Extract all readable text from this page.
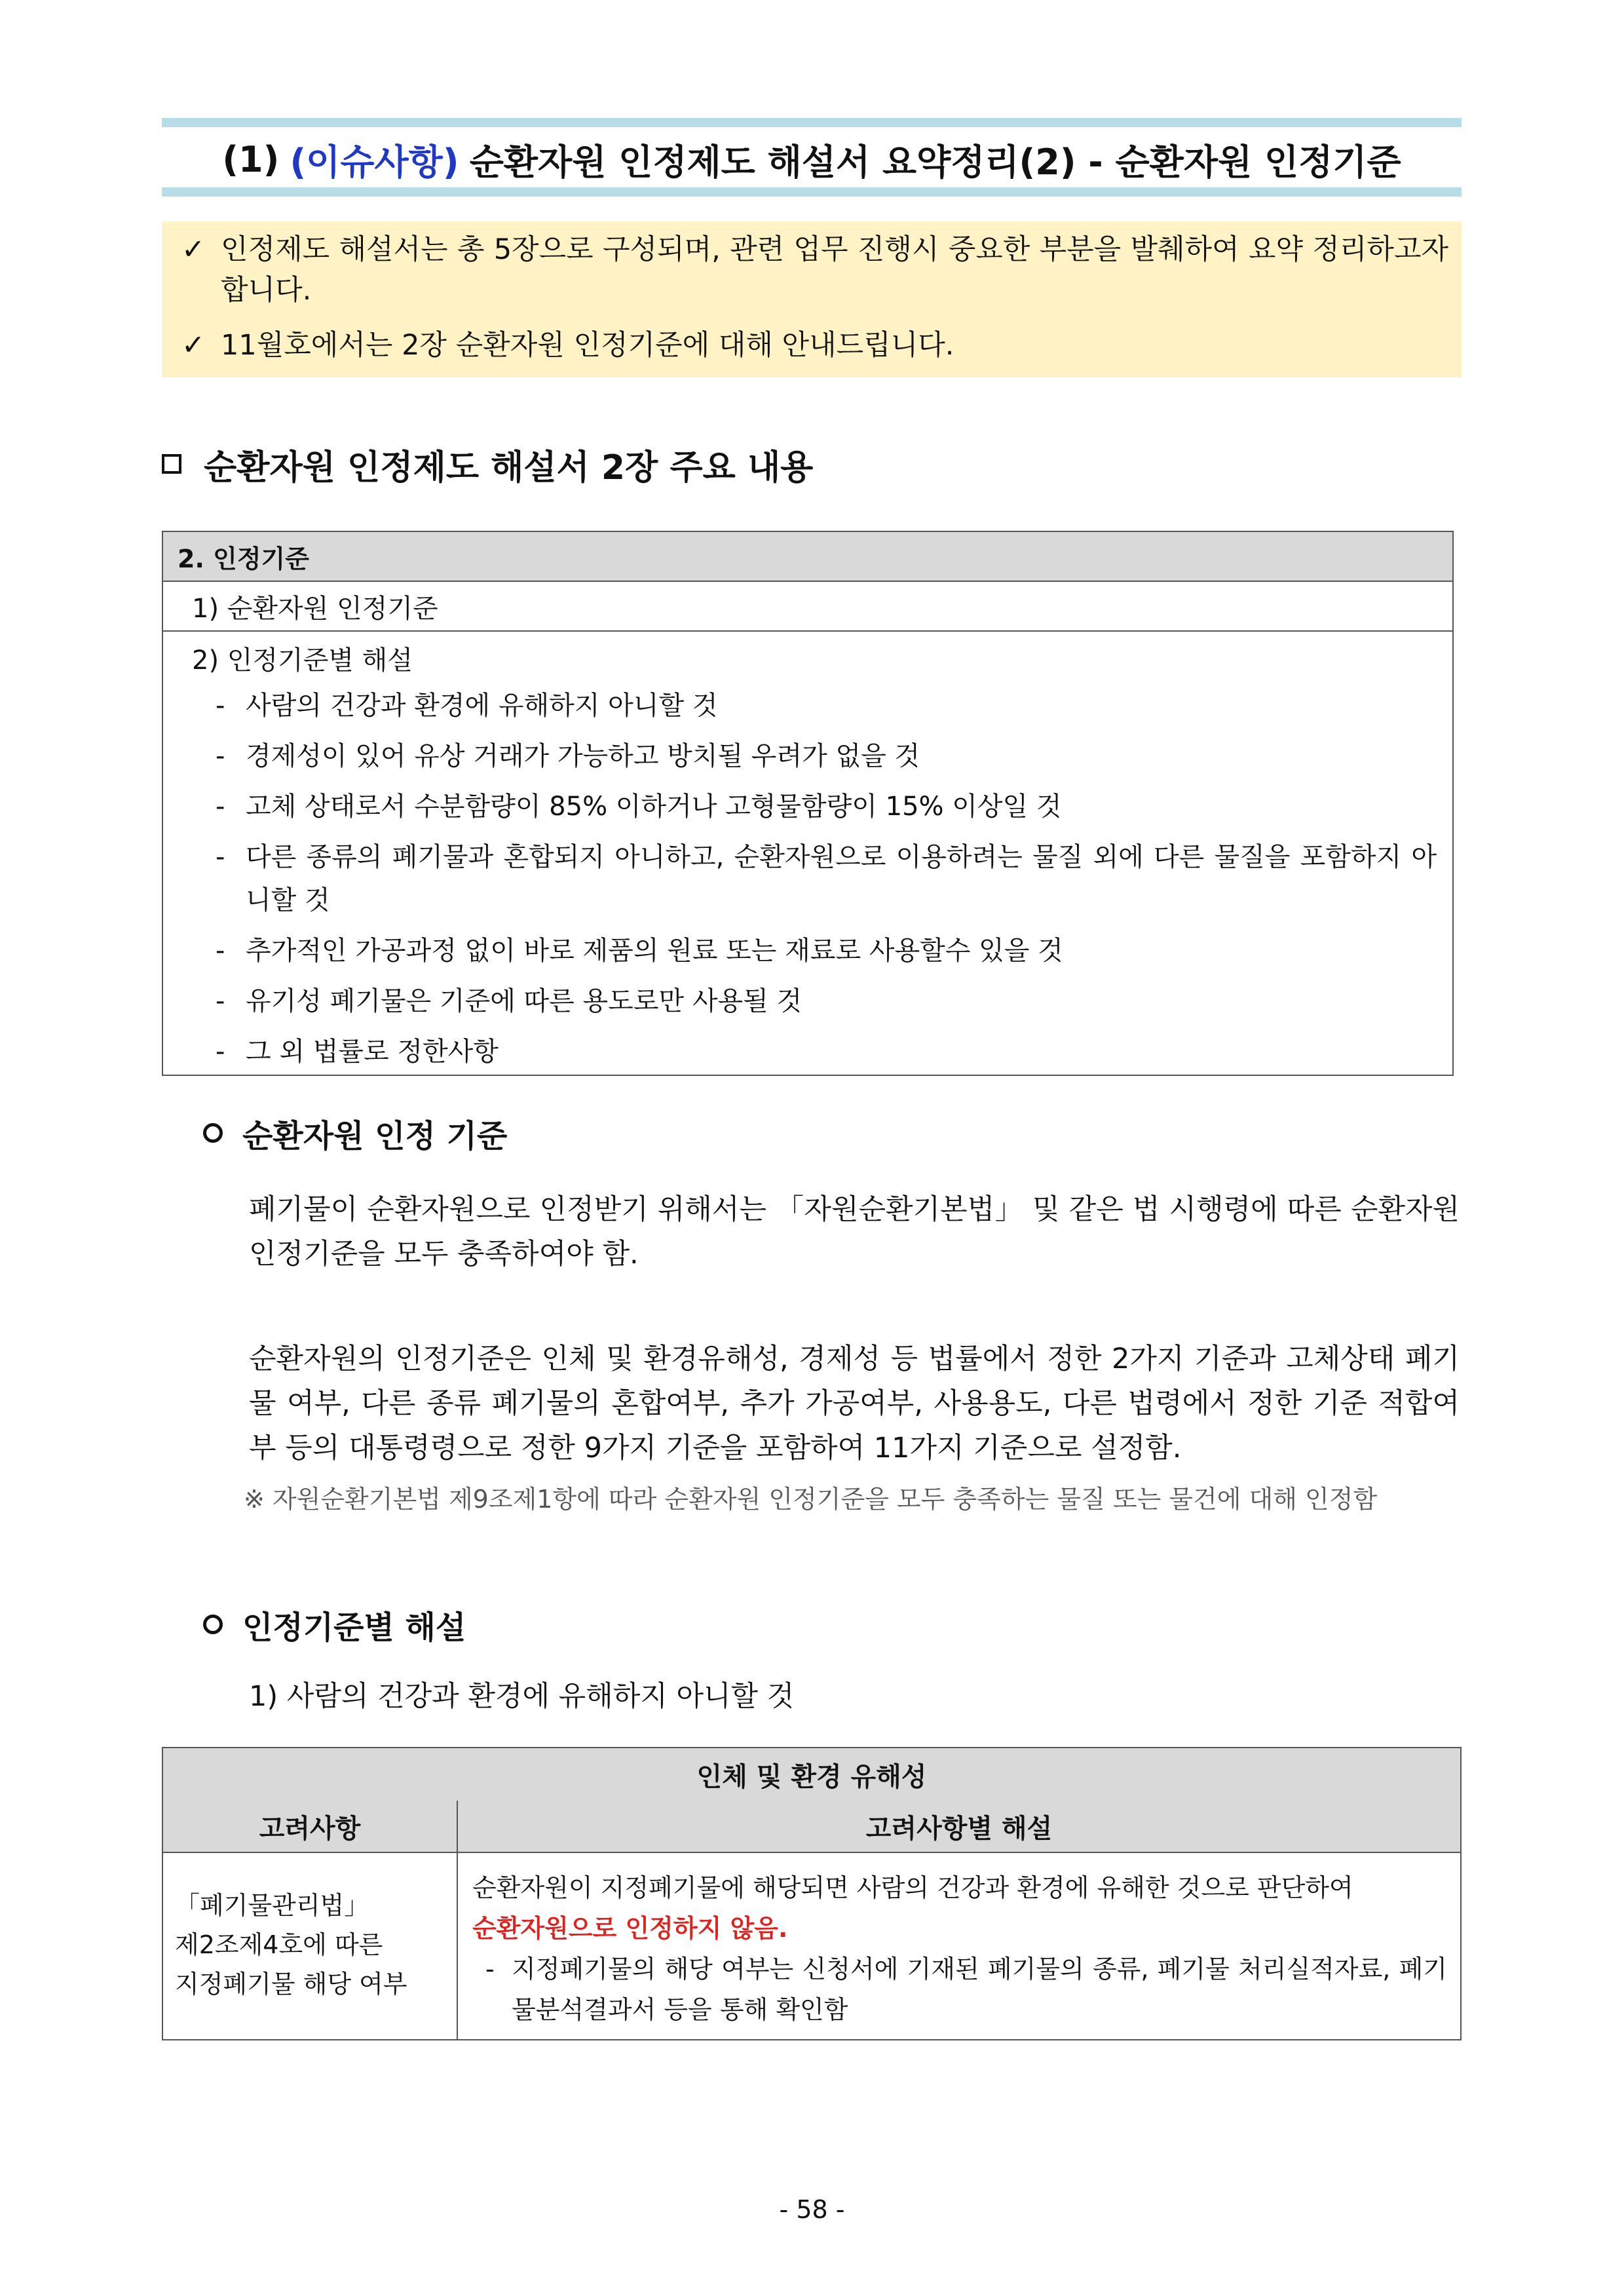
(1) (이슈사항) 순환자원 인정제도 해설서 요약정리(2) - 순환자원 인정기준
✓ 인정제도 해설서는 총 5장으로 구성되며, 관련 업무 진행시 중요한 부분을 발췌하여 요약 정리하고자 합니다.
✓ 11월호에서는 2장 순환자원 인정기준에 대해 안내드립니다.
순환자원 인정제도 해설서 2장 주요 내용
2. 인정기준
1) 순환자원 인정기준
2) 인정기준별 해설
- 사람의 건강과 환경에 유해하지 아니할 것
- 경제성이 있어 유상 거래가 가능하고 방치될 우려가 없을 것
- 고체 상태로서 수분함량이 85% 이하거나 고형물함량이 15% 이상일 것
- 다른 종류의 폐기물과 혼합되지 아니하고, 순환자원으로 이용하려는 물질 외에 다른 물질을 포함하지 아니할 것
- 추가적인 가공과정 없이 바로 제품의 원료 또는 재료로 사용할수 있을 것
- 유기성 폐기물은 기준에 따른 용도로만 사용될 것
- 그 외 법률로 정한사항
순환자원 인정 기준
폐기물이 순환자원으로 인정받기 위해서는 「자원순환기본법」 및 같은 법 시행령에 따른 순환자원 인정기준을 모두 충족하여야 함.
순환자원의 인정기준은 인체 및 환경유해성, 경제성 등 법률에서 정한 2가지 기준과 고체상태 폐기물 여부, 다른 종류 폐기물의 혼합여부, 추가 가공여부, 사용용도, 다른 법령에서 정한 기준 적합여부 등의 대통령령으로 정한 9가지 기준을 포함하여 11가지 기준으로 설정함.
※ 자원순환기본법 제9조제1항에 따라 순환자원 인정기준을 모두 충족하는 물질 또는 물건에 대해 인정함
인정기준별 해설
1) 사람의 건강과 환경에 유해하지 아니할 것
인체 및 환경 유해성
고려사항	고려사항별 해설
「폐기물관리법」
제2조제4호에 따른
지정폐기물 해당 여부
순환자원이 지정폐기물에 해당되면 사람의 건강과 환경에 유해한 것으로 판단하여
순환자원으로 인정하지 않음.
- 지정폐기물의 해당 여부는 신청서에 기재된 폐기물의 종류, 폐기물 처리실적자료, 폐기물분석결과서 등을 통해 확인함
- 58 -
